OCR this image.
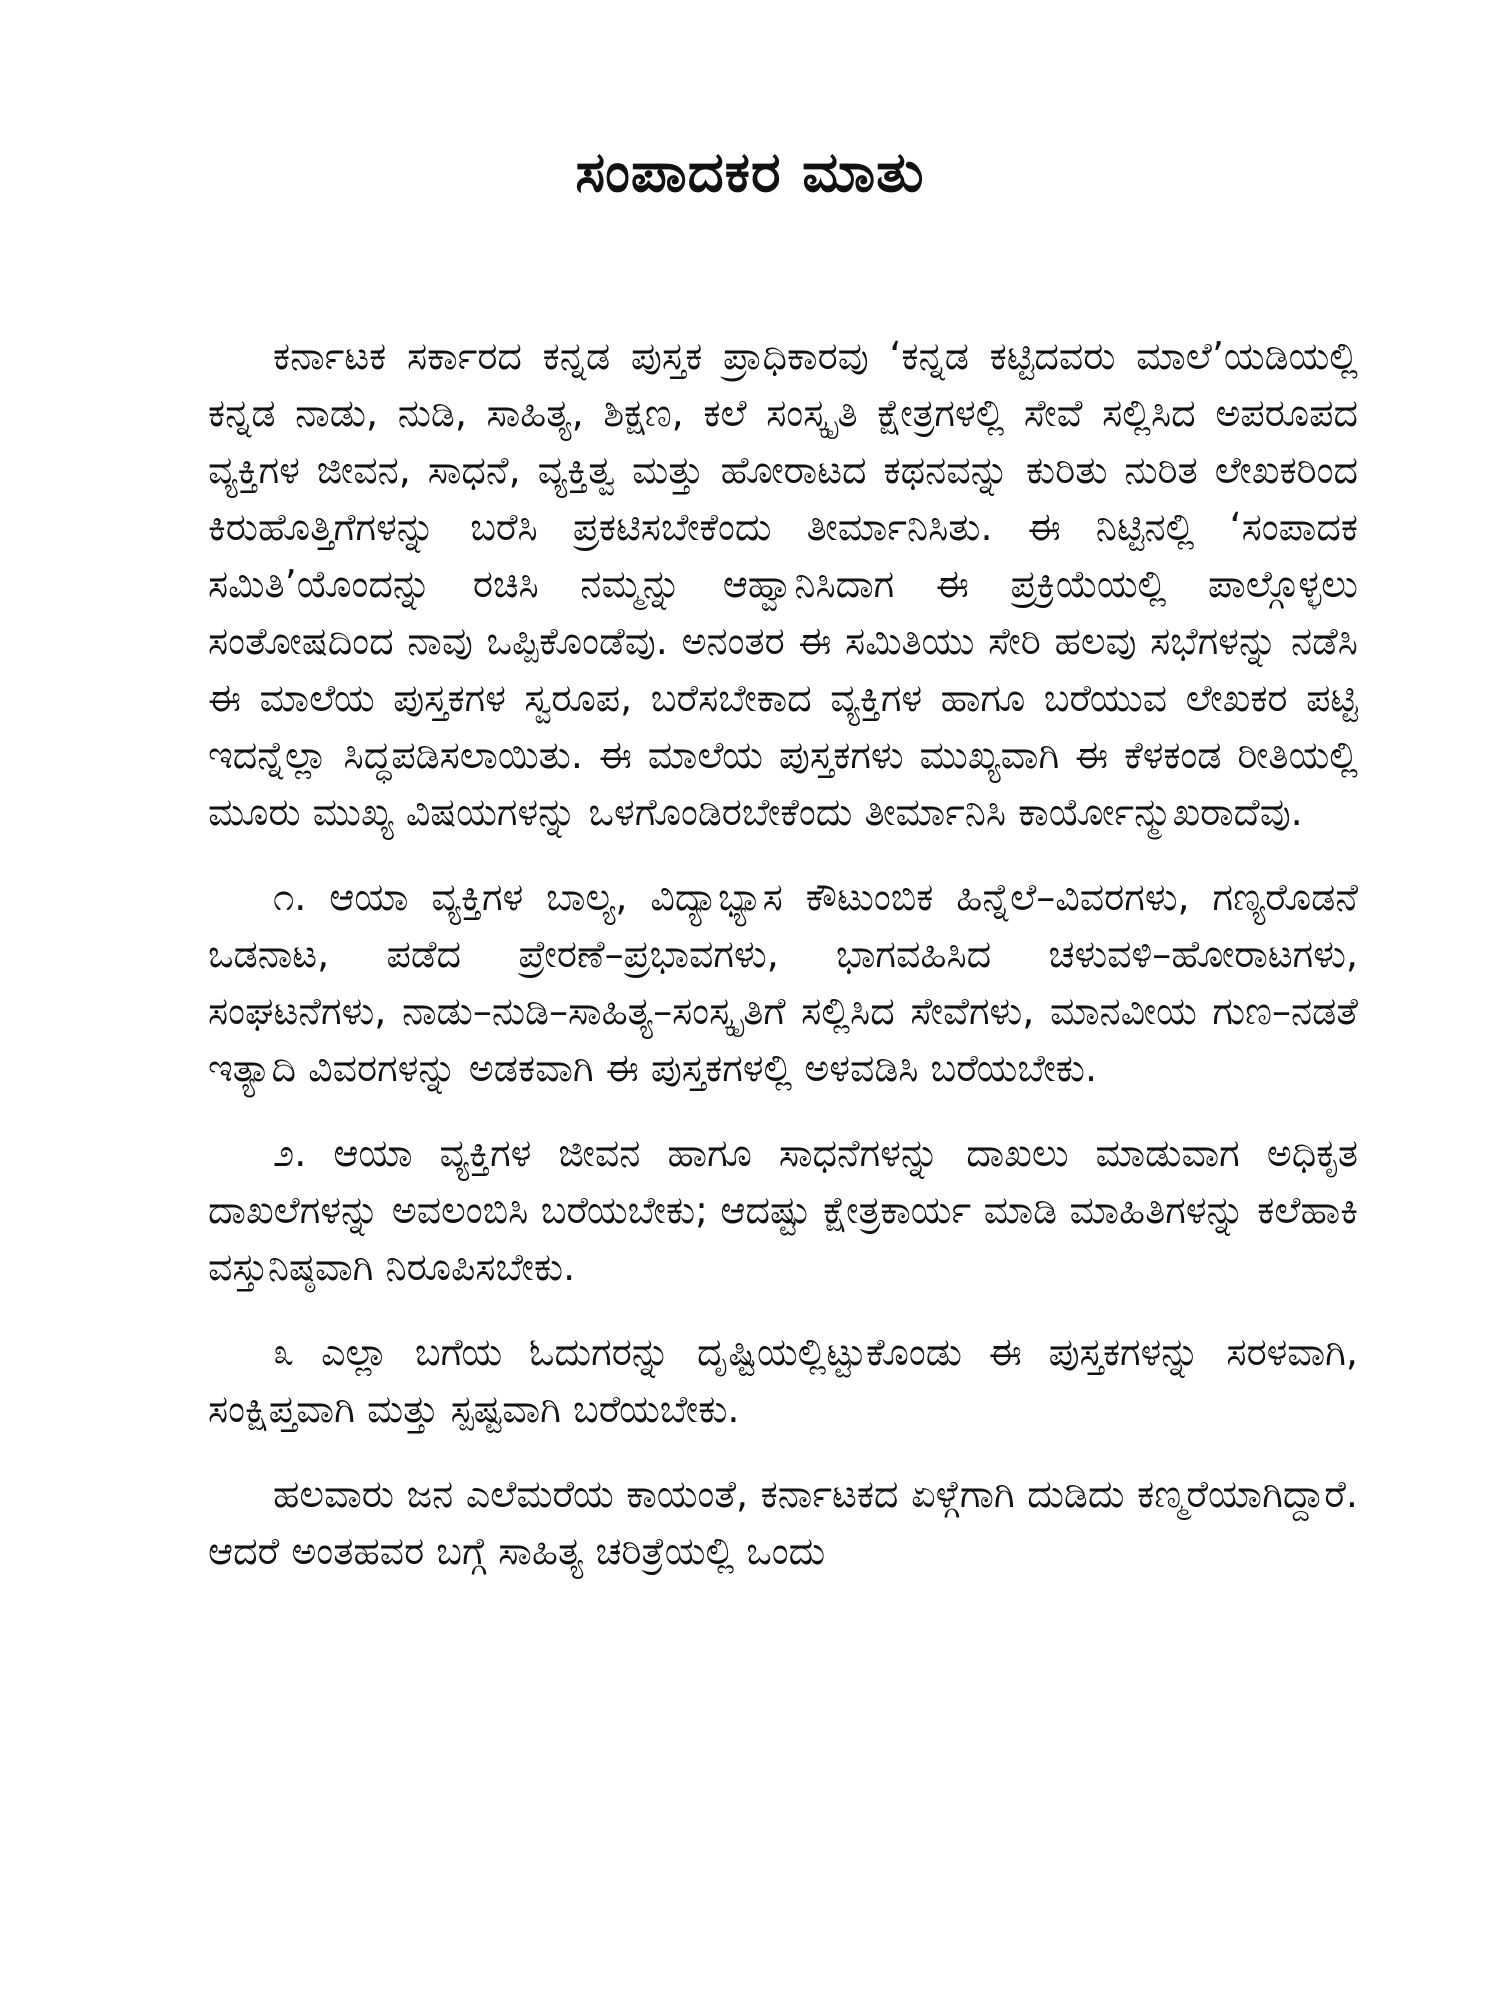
ಸಂಪಾದಕರ ಮಾತು

ಕರ್ನಾಟಕ ಸರ್ಕಾರದ ಕನ್ನಡ ಪುಸ್ತಕ ಪ್ರಾಧಿಕಾರವು ‘ಕನ್ನಡ ಕಟ್ಟಿದವರು ಮಾಲೆ’ಯಡಿಯಲ್ಲಿ ಕನ್ನಡ ನಾಡು, ನುಡಿ, ಸಾಹಿತ್ಯ, ಶಿಕ್ಷಣ, ಕಲೆ ಸಂಸ್ಕೃತಿ ಕ್ಷೇತ್ರಗಳಲ್ಲಿ ಸೇವೆ ಸಲ್ಲಿಸಿದ ಅಪರೂಪದ ವ್ಯಕ್ತಿಗಳ ಜೀವನ, ಸಾಧನೆ, ವ್ಯಕ್ತಿತ್ವ ಮತ್ತು ಹೋರಾಟದ ಕಥನವನ್ನು ಕುರಿತು ನುರಿತ ಲೇಖಕರಿಂದ ಕಿರುಹೊತ್ತಿಗೆಗಳನ್ನು ಬರೆಸಿ ಪ್ರಕಟಿಸಬೇಕೆಂದು ತೀರ್ಮಾನಿಸಿತು. ಈ ನಿಟ್ಟಿನಲ್ಲಿ ‘ಸಂಪಾದಕ ಸಮಿತಿ’ಯೊಂದನ್ನು ರಚಿಸಿ ನಮ್ಮನ್ನು ಆಹ್ವಾನಿಸಿದಾಗ ಈ ಪ್ರಕ್ರಿಯೆಯಲ್ಲಿ ಪಾಲ್ಗೊಳ್ಳಲು ಸಂತೋಷದಿಂದ ನಾವು ಒಪ್ಪಿಕೊಂಡೆವು. ಅನಂತರ ಈ ಸಮಿತಿಯು ಸೇರಿ ಹಲವು ಸಭೆಗಳನ್ನು ನಡೆಸಿ ಈ ಮಾಲೆಯ ಪುಸ್ತಕಗಳ ಸ್ವರೂಪ, ಬರೆಸಬೇಕಾದ ವ್ಯಕ್ತಿಗಳ ಹಾಗೂ ಬರೆಯುವ ಲೇಖಕರ ಪಟ್ಟಿ ಇದನ್ನೆಲ್ಲಾ ಸಿದ್ಧಪಡಿಸಲಾಯಿತು. ಈ ಮಾಲೆಯ ಪುಸ್ತಕಗಳು ಮುಖ್ಯವಾಗಿ ಈ ಕೆಳಕಂಡ ರೀತಿಯಲ್ಲಿ ಮೂರು ಮುಖ್ಯ ವಿಷಯಗಳನ್ನು ಒಳಗೊಂಡಿರಬೇಕೆಂದು ತೀರ್ಮಾನಿಸಿ ಕಾರ್ಯೋನ್ಮುಖರಾದೆವು.

೧. ಆಯಾ ವ್ಯಕ್ತಿಗಳ ಬಾಲ್ಯ, ವಿದ್ಯಾಭ್ಯಾಸ ಕೌಟುಂಬಿಕ ಹಿನ್ನೆಲೆ–ವಿವರಗಳು, ಗಣ್ಯರೊಡನೆ ಒಡನಾಟ, ಪಡೆದ ಪ್ರೇರಣೆ–ಪ್ರಭಾವಗಳು, ಭಾಗವಹಿಸಿದ ಚಳುವಳಿ–ಹೋರಾಟಗಳು, ಸಂಘಟನೆಗಳು, ನಾಡು–ನುಡಿ–ಸಾಹಿತ್ಯ–ಸಂಸ್ಕೃತಿಗೆ ಸಲ್ಲಿಸಿದ ಸೇವೆಗಳು, ಮಾನವೀಯ ಗುಣ–ನಡತೆ ಇತ್ಯಾದಿ ವಿವರಗಳನ್ನು ಅಡಕವಾಗಿ ಈ ಪುಸ್ತಕಗಳಲ್ಲಿ ಅಳವಡಿಸಿ ಬರೆಯಬೇಕು.

೨. ಆಯಾ ವ್ಯಕ್ತಿಗಳ ಜೀವನ ಹಾಗೂ ಸಾಧನೆಗಳನ್ನು ದಾಖಲು ಮಾಡುವಾಗ ಅಧಿಕೃತ ದಾಖಲೆಗಳನ್ನು ಅವಲಂಬಿಸಿ ಬರೆಯಬೇಕು; ಆದಷ್ಟು ಕ್ಷೇತ್ರಕಾರ್ಯ ಮಾಡಿ ಮಾಹಿತಿಗಳನ್ನು ಕಲೆಹಾಕಿ ವಸ್ತುನಿಷ್ಠವಾಗಿ ನಿರೂಪಿಸಬೇಕು.

೩ ಎಲ್ಲಾ ಬಗೆಯ ಓದುಗರನ್ನು ದೃಷ್ಟಿಯಲ್ಲಿಟ್ಟುಕೊಂಡು ಈ ಪುಸ್ತಕಗಳನ್ನು ಸರಳವಾಗಿ, ಸಂಕ್ಷಿಪ್ತವಾಗಿ ಮತ್ತು ಸ್ಪಷ್ಟವಾಗಿ ಬರೆಯಬೇಕು.

ಹಲವಾರು ಜನ ಎಲೆಮರೆಯ ಕಾಯಂತೆ, ಕರ್ನಾಟಕದ ಏಳ್ಗೆಗಾಗಿ ದುಡಿದು ಕಣ್ಮರೆಯಾಗಿದ್ದಾರೆ. ಆದರೆ ಅಂತಹವರ ಬಗ್ಗೆ ಸಾಹಿತ್ಯ ಚರಿತ್ರೆಯಲ್ಲಿ ಒಂದು
